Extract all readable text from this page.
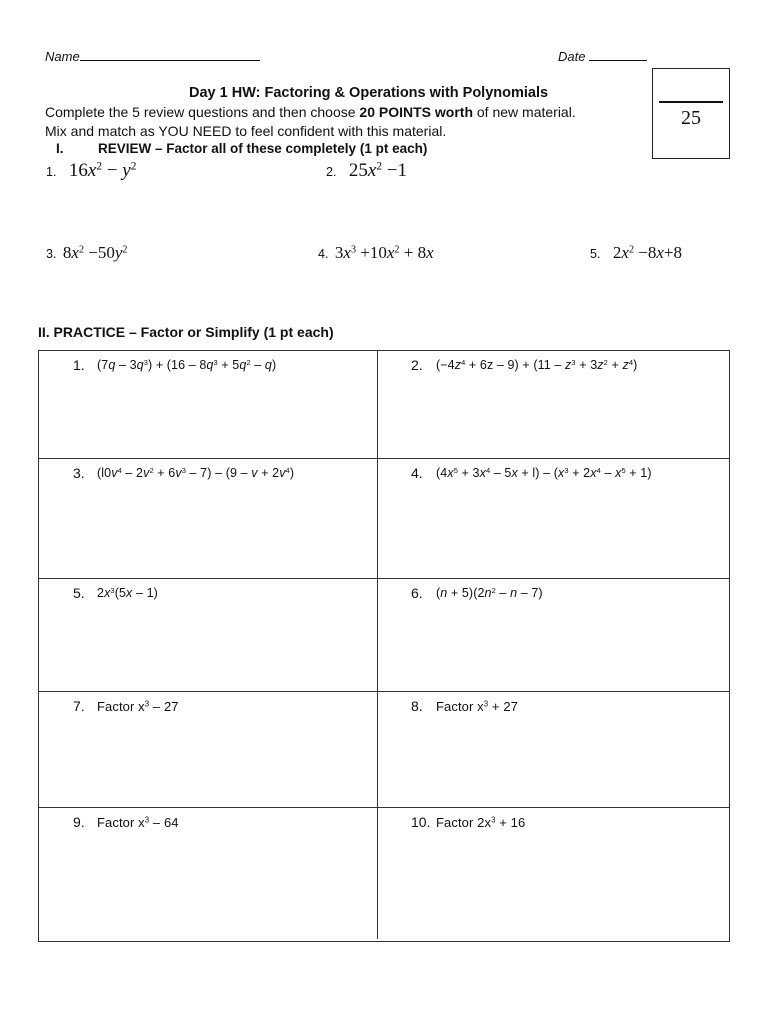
Name	Date
25
Day 1 HW: Factoring & Operations with Polynomials
Complete the 5 review questions and then choose 20 POINTS worth of new material.
Mix and match as YOU NEED to feel confident with this material.
I.	REVIEW – Factor all of these completely (1 pt each)
1. $16x^2 - y^2$	2. $25x^2 -1$
3. $8x^2 -50y^2$	4. $3x^3 +10x^2 + 8x$	5. $2x^2 -8x+8$
II. PRACTICE – Factor or Simplify (1 pt each)
1. $(7q - 3q^3) + (16 - 8q^3 + 5q^2 - q)$	2. $(-4z^4 + 6z - 9) + (11 - z^3 + 3z^2 + z^4)$
3. $(l0v^4 - 2v^2 + 6v^3 - 7) - (9 - v + 2v^4)$	4. $(4x^5 + 3x^4 - 5x + l) - (x^3 + 2x^4 - x^5 + 1)$
5. $2x^3(5x - 1)$	6. $(n + 5)(2n^2 - n - 7)$
7. Factor $x^3 - 27$	8. Factor $x^3 + 27$
9. Factor $x^3 - 64$	10. Factor $2x^3 + 16$
